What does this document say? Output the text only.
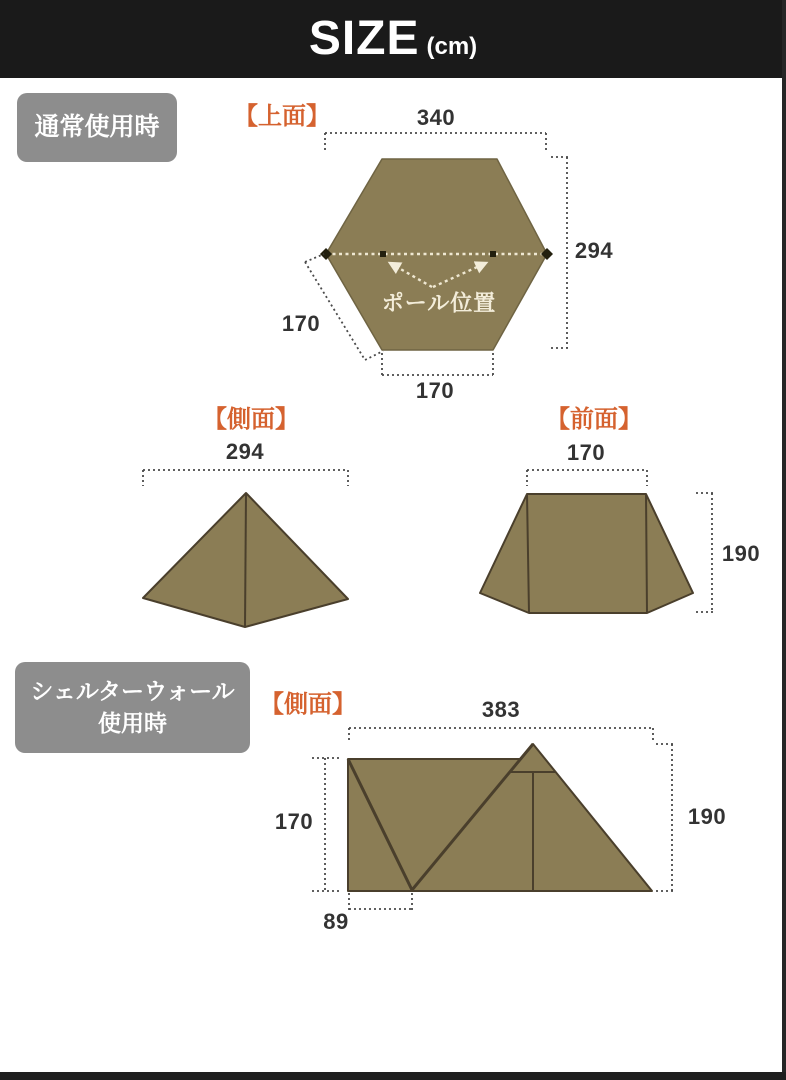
SIZE (cm)
通常使用時
シェルターウォール
使用時
【上面】
【側面】	【前面】
【側面】
340
294
170
170
ポール位置
294	170
190
383
170	190
89
